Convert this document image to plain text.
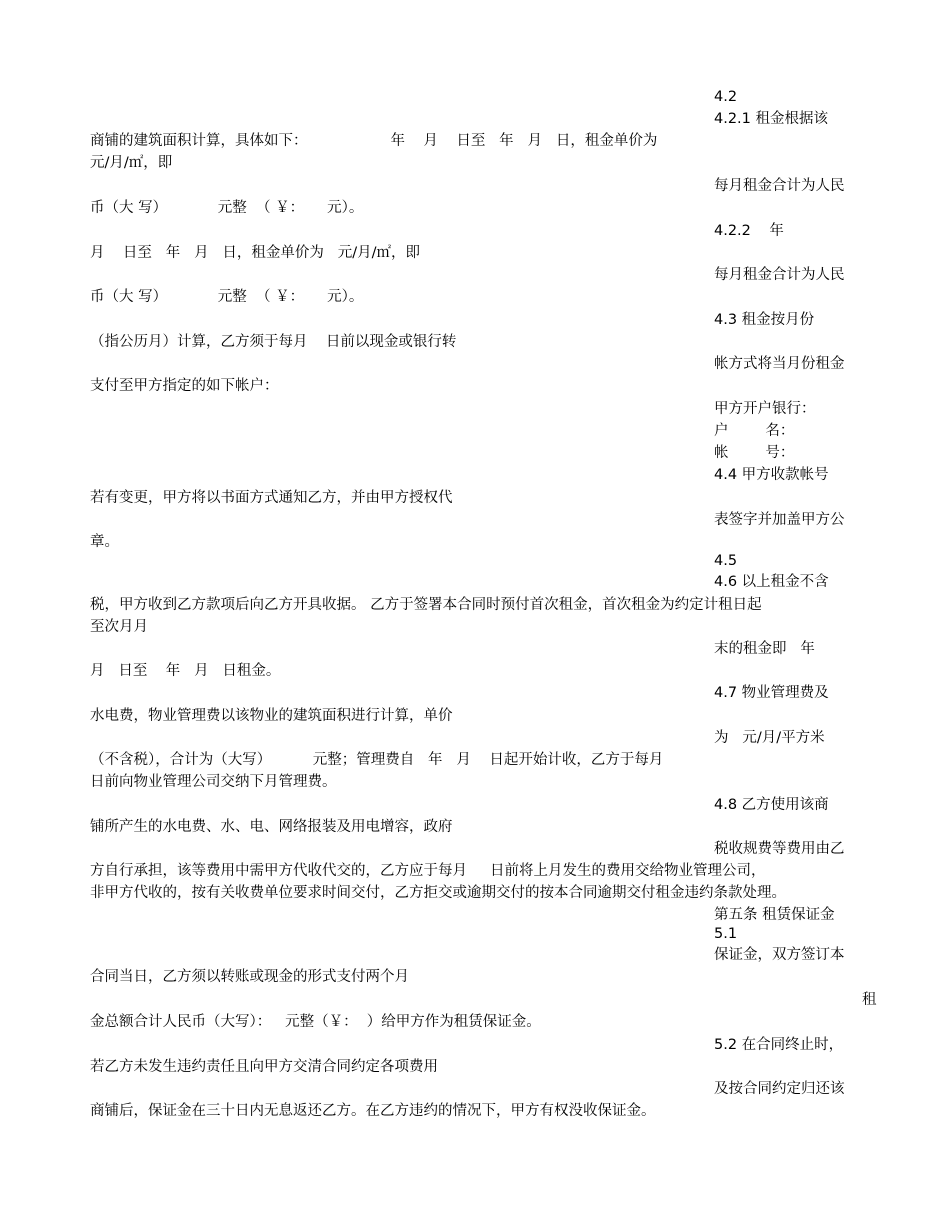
4.2
4.2.1 租金根据该
商铺的建筑面积计算，具体如下：                  年    月    日至   年   月   日，租金单价为
元/月/㎡，即
每月租金合计为人民
币（大 写）           元整  （ ￥：     元）。
4.2.2    年
月    日至   年   月   日，租金单价为   元/月/㎡，即
每月租金合计为人民
币（大 写）           元整  （ ￥：     元）。
4.3 租金按月份
（指公历月）计算，乙方须于每月    日前以现金或银行转
帐方式将当月份租金
支付至甲方指定的如下帐户：
甲方开户银行：
户        名：
帐        号：
4.4 甲方收款帐号
若有变更，甲方将以书面方式通知乙方，并由甲方授权代
表签字并加盖甲方公
章。
4.5
4.6 以上租金不含
税，甲方收到乙方款项后向乙方开具收据。 乙方于签署本合同时预付首次租金，首次租金为约定计租日起
至次月月
末的租金即   年
月   日至    年   月   日租金。
4.7 物业管理费及
水电费，物业管理费以该物业的建筑面积进行计算，单价
为   元/月/平方米
（不含税），合计为（大写）         元整；管理费自   年   月    日起开始计收，乙方于每月
日前向物业管理公司交纳下月管理费。
4.8 乙方使用该商
铺所产生的水电费、水、电、网络报装及用电增容，政府
税收规费等费用由乙
方自行承担，该等费用中需甲方代收代交的，乙方应于每月     日前将上月发生的费用交给物业管理公司，
非甲方代收的，按有关收费单位要求时间交付，乙方拒交或逾期交付的按本合同逾期交付租金违约条款处理。
第五条 租赁保证金
5.1
保证金，双方签订本
合同当日，乙方须以转账或现金的形式支付两个月
租
金总额合计人民币（大写）：   元整（￥：  ）给甲方作为租赁保证金。
5.2 在合同终止时，
若乙方未发生违约责任且向甲方交清合同约定各项费用
及按合同约定归还该
商铺后，保证金在三十日内无息返还乙方。在乙方违约的情况下，甲方有权没收保证金。
